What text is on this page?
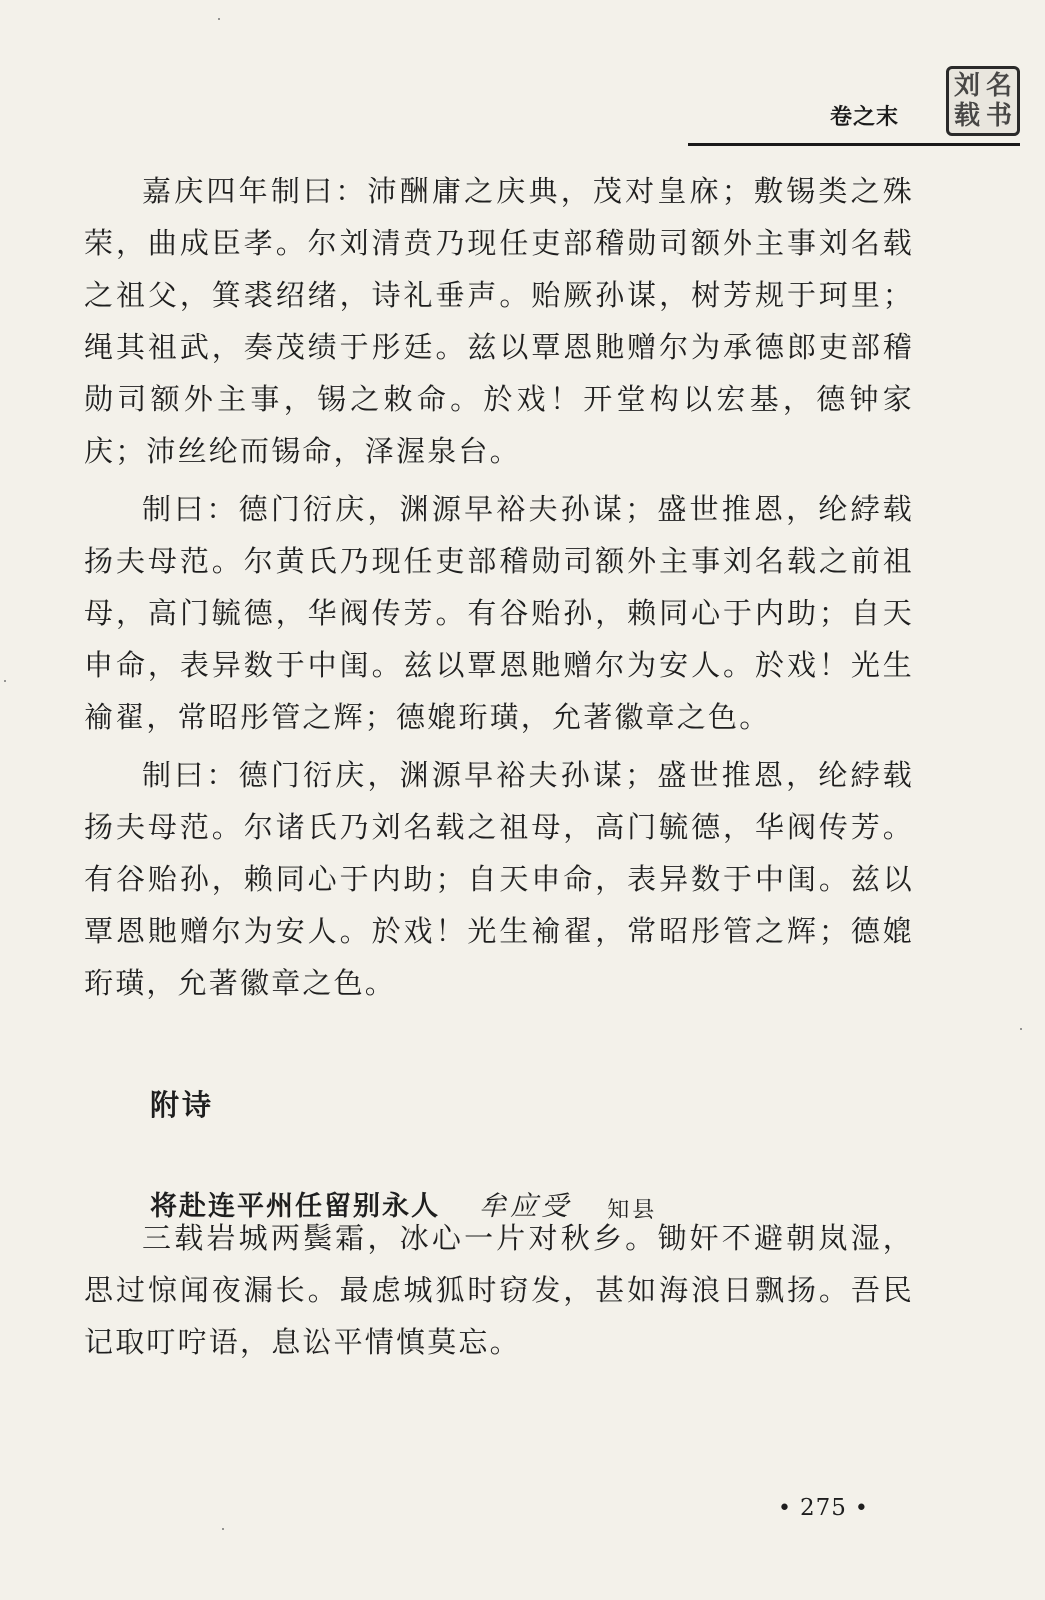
刘 名
载 书
卷之末

嘉庆四年制曰：沛酬庸之庆典，茂对皇庥；敷锡类之殊荣，曲成臣孝。尔刘清贲乃现任吏部稽勋司额外主事刘名载之祖父，箕裘绍绪，诗礼垂声。贻厥孙谋，树芳规于珂里；绳其祖武，奏茂绩于彤廷。兹以覃恩貤赠尔为承德郎吏部稽勋司额外主事，锡之敕命。於戏！开堂构以宏基，德钟家庆；沛丝纶而锡命，泽渥泉台。

制曰：德门衍庆，渊源早裕夫孙谋；盛世推恩，纶綍载扬夫母范。尔黄氏乃现任吏部稽勋司额外主事刘名载之前祖母，高门毓德，华阀传芳。有谷贻孙，赖同心于内助；自天申命，表异数于中闺。兹以覃恩貤赠尔为安人。於戏！光生褕翟，常昭彤管之辉；德媲珩璜，允著徽章之色。

制曰：德门衍庆，渊源早裕夫孙谋；盛世推恩，纶綍载扬夫母范。尔诸氏乃刘名载之祖母，高门毓德，华阀传芳。有谷贻孙，赖同心于内助；自天申命，表异数于中闺。兹以覃恩貤赠尔为安人。於戏！光生褕翟，常昭彤管之辉；德媲珩璜，允著徽章之色。

附诗
将赴连平州任留别永人 牟应受 知县

三载岩城两鬓霜，冰心一片对秋乡。锄奸不避朝岚湿，思过惊闻夜漏长。最虑城狐时窃发，甚如海浪日飘扬。吾民记取叮咛语，息讼平情慎莫忘。

• 275 •
